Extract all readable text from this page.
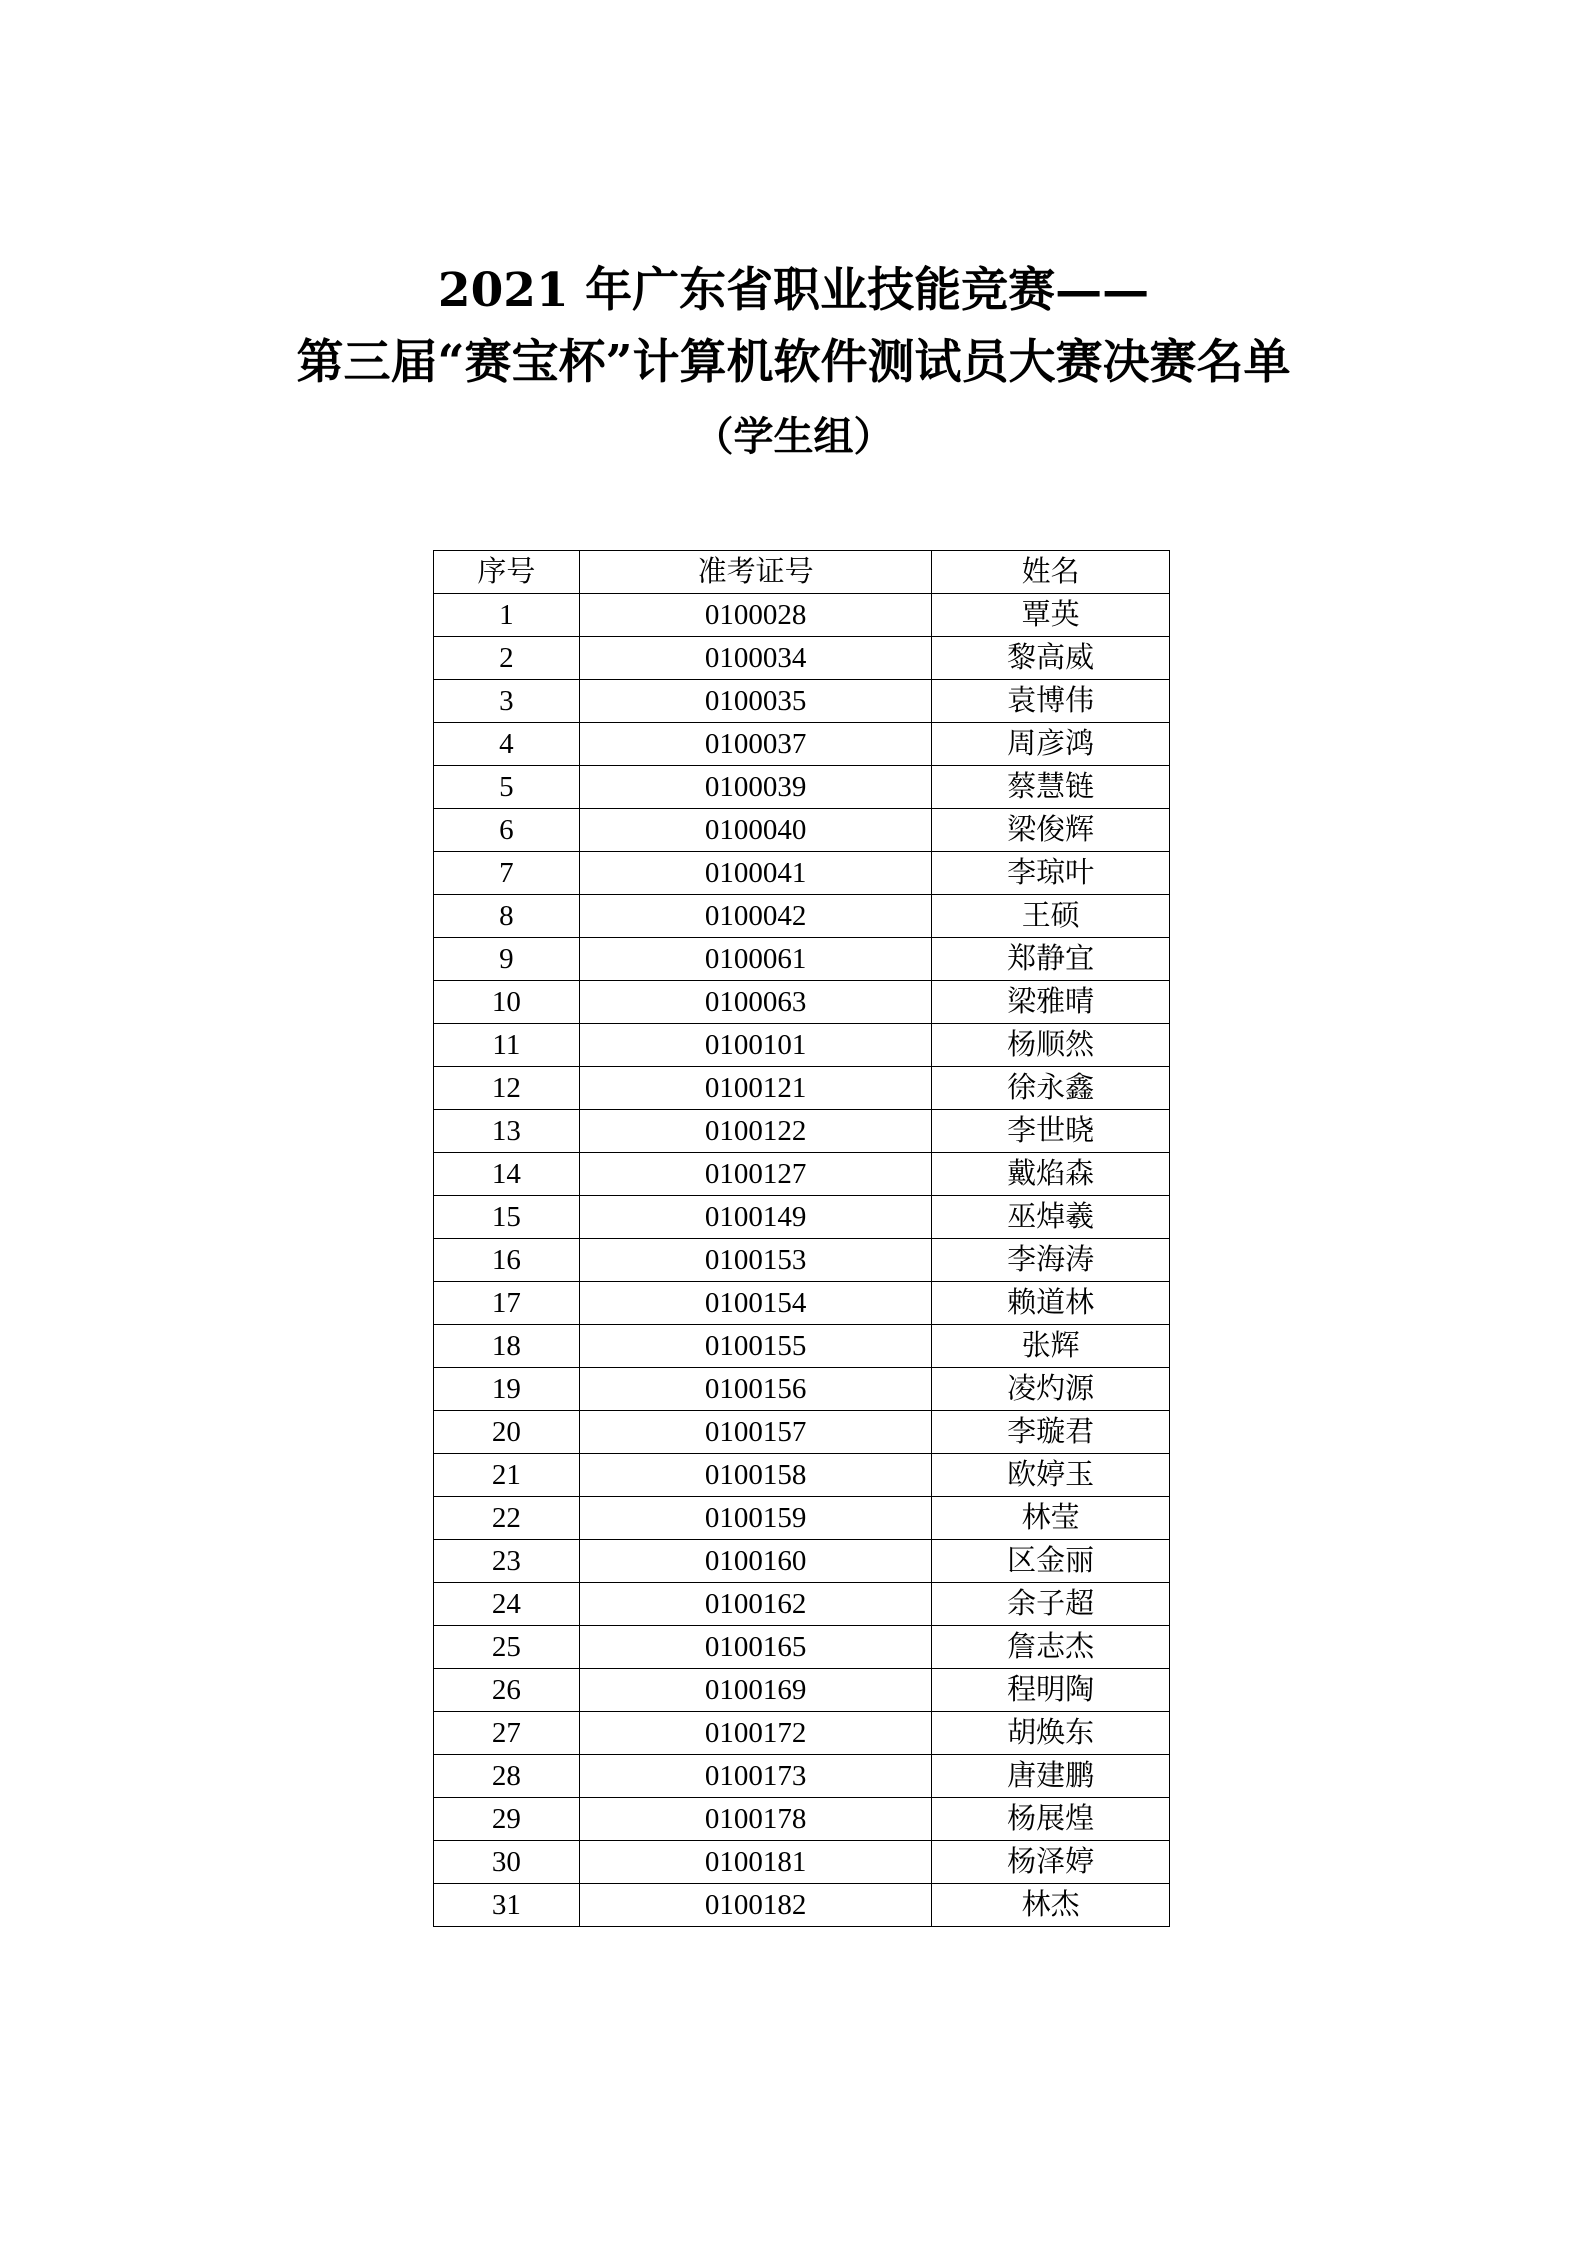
2021 年广东省职业技能竞赛——
第三届“赛宝杯”计算机软件测试员大赛决赛名单
（学生组）
序号	准考证号	姓名
1	0100028	覃英
2	0100034	黎高威
3	0100035	袁博伟
4	0100037	周彦鸿
5	0100039	蔡慧链
6	0100040	梁俊辉
7	0100041	李琼叶
8	0100042	王硕
9	0100061	郑静宜
10	0100063	梁雅晴
11	0100101	杨顺然
12	0100121	徐永鑫
13	0100122	李世晓
14	0100127	戴焰森
15	0100149	巫焯羲
16	0100153	李海涛
17	0100154	赖道林
18	0100155	张辉
19	0100156	凌灼源
20	0100157	李璇君
21	0100158	欧婷玉
22	0100159	林莹
23	0100160	区金丽
24	0100162	余子超
25	0100165	詹志杰
26	0100169	程明陶
27	0100172	胡焕东
28	0100173	唐建鹏
29	0100178	杨展煌
30	0100181	杨泽婷
31	0100182	林杰
